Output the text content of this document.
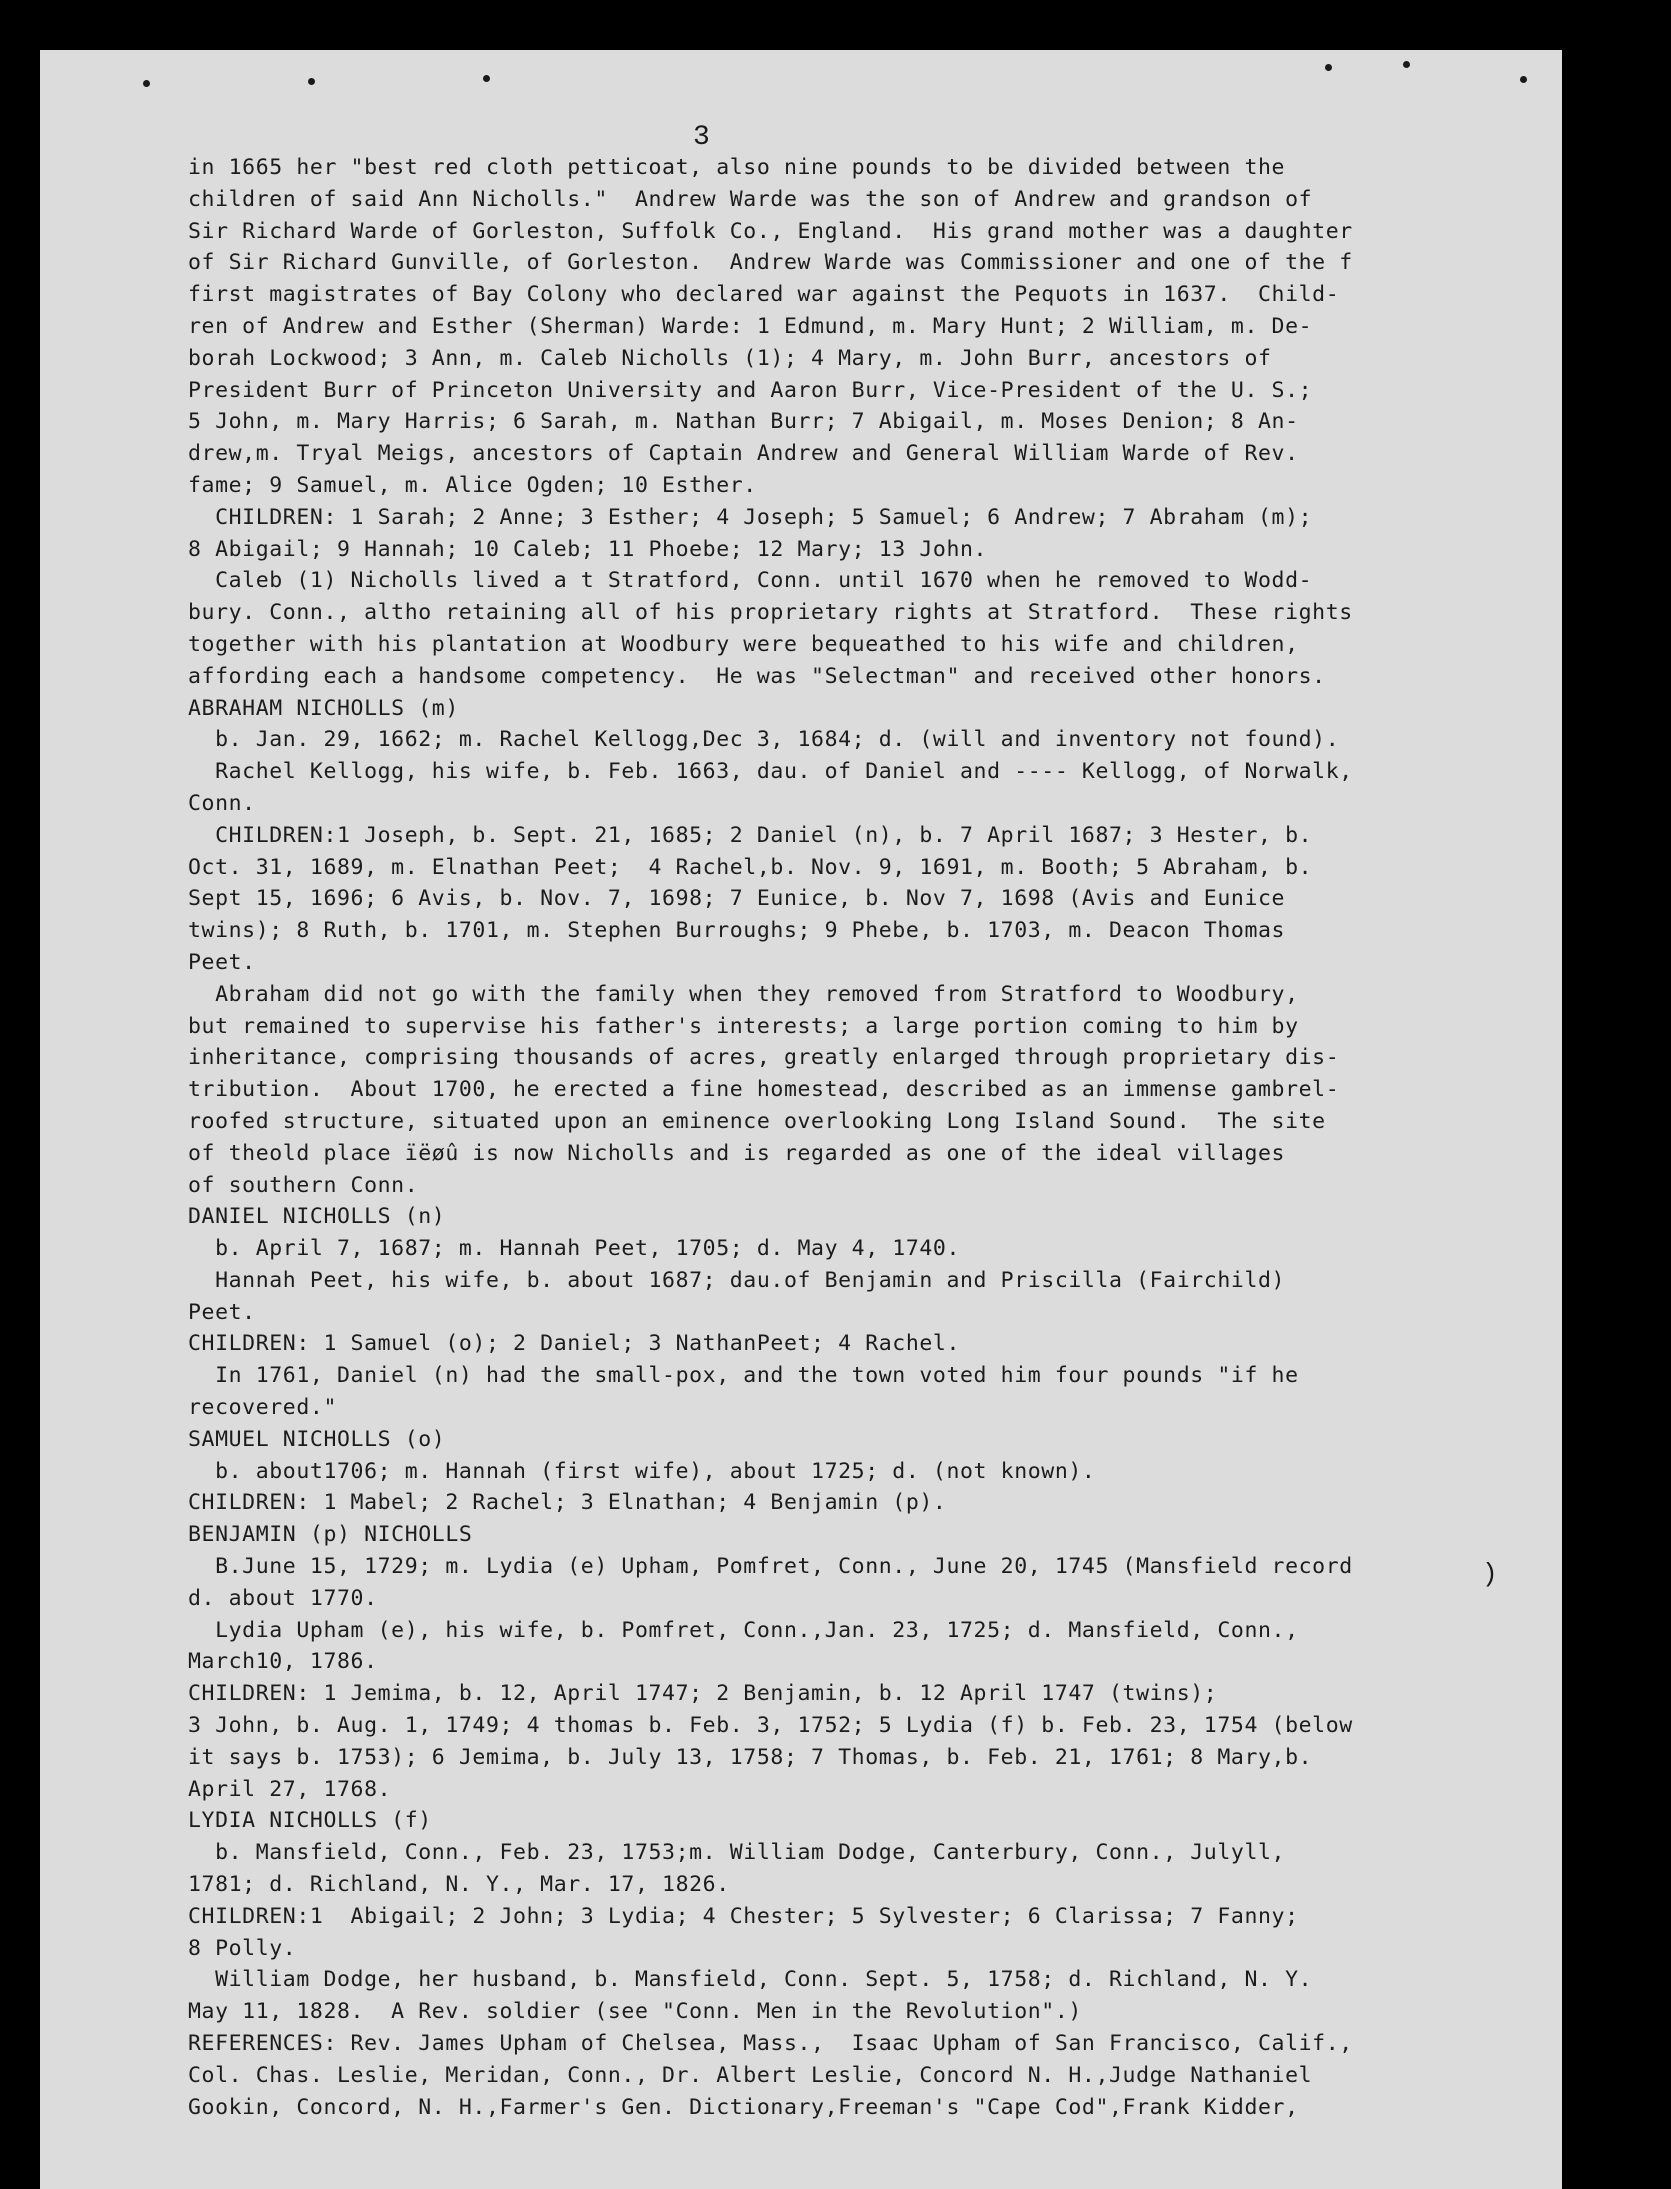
3
in 1665 her "best red cloth petticoat, also nine pounds to be divided between the
children of said Ann Nicholls."  Andrew Warde was the son of Andrew and grandson of
Sir Richard Warde of Gorleston, Suffolk Co., England.  His grand mother was a daughter
of Sir Richard Gunville, of Gorleston.  Andrew Warde was Commissioner and one of the f
first magistrates of Bay Colony who declared war against the Pequots in 1637.  Child-
ren of Andrew and Esther (Sherman) Warde: 1 Edmund, m. Mary Hunt; 2 William, m. De-
borah Lockwood; 3 Ann, m. Caleb Nicholls (1); 4 Mary, m. John Burr, ancestors of
President Burr of Princeton University and Aaron Burr, Vice-President of the U. S.;
5 John, m. Mary Harris; 6 Sarah, m. Nathan Burr; 7 Abigail, m. Moses Denion; 8 An-
drew,m. Tryal Meigs, ancestors of Captain Andrew and General William Warde of Rev.
fame; 9 Samuel, m. Alice Ogden; 10 Esther.
CHILDREN: 1 Sarah; 2 Anne; 3 Esther; 4 Joseph; 5 Samuel; 6 Andrew; 7 Abraham (m);
8 Abigail; 9 Hannah; 10 Caleb; 11 Phoebe; 12 Mary; 13 John.
Caleb (1) Nicholls lived a t Stratford, Conn. until 1670 when he removed to Wodd-
bury. Conn., altho retaining all of his proprietary rights at Stratford.  These rights
together with his plantation at Woodbury were bequeathed to his wife and children,
affording each a handsome competency.  He was "Selectman" and received other honors.
ABRAHAM NICHOLLS (m)
b. Jan. 29, 1662; m. Rachel Kellogg,Dec 3, 1684; d. (will and inventory not found).
Rachel Kellogg, his wife, b. Feb. 1663, dau. of Daniel and ---- Kellogg, of Norwalk,
Conn.
CHILDREN:1 Joseph, b. Sept. 21, 1685; 2 Daniel (n), b. 7 April 1687; 3 Hester, b.
Oct. 31, 1689, m. Elnathan Peet;  4 Rachel,b. Nov. 9, 1691, m. Booth; 5 Abraham, b.
Sept 15, 1696; 6 Avis, b. Nov. 7, 1698; 7 Eunice, b. Nov 7, 1698 (Avis and Eunice
twins); 8 Ruth, b. 1701, m. Stephen Burroughs; 9 Phebe, b. 1703, m. Deacon Thomas
Peet.
Abraham did not go with the family when they removed from Stratford to Woodbury,
but remained to supervise his father's interests; a large portion coming to him by
inheritance, comprising thousands of acres, greatly enlarged through proprietary dis-
tribution.  About 1700, he erected a fine homestead, described as an immense gambrel-
roofed structure, situated upon an eminence overlooking Long Island Sound.  The site
of theold place ïëøû is now Nicholls and is regarded as one of the ideal villages
of southern Conn.
DANIEL NICHOLLS (n)
b. April 7, 1687; m. Hannah Peet, 1705; d. May 4, 1740.
Hannah Peet, his wife, b. about 1687; dau.of Benjamin and Priscilla (Fairchild)
Peet.
CHILDREN: 1 Samuel (o); 2 Daniel; 3 NathanPeet; 4 Rachel.
In 1761, Daniel (n) had the small-pox, and the town voted him four pounds "if he
recovered."
SAMUEL NICHOLLS (o)
b. about1706; m. Hannah (first wife), about 1725; d. (not known).
CHILDREN: 1 Mabel; 2 Rachel; 3 Elnathan; 4 Benjamin (p).
BENJAMIN (p) NICHOLLS
B.June 15, 1729; m. Lydia (e) Upham, Pomfret, Conn., June 20, 1745 (Mansfield record
d. about 1770.
Lydia Upham (e), his wife, b. Pomfret, Conn.,Jan. 23, 1725; d. Mansfield, Conn.,
March10, 1786.
CHILDREN: 1 Jemima, b. 12, April 1747; 2 Benjamin, b. 12 April 1747 (twins);
3 John, b. Aug. 1, 1749; 4 thomas b. Feb. 3, 1752; 5 Lydia (f) b. Feb. 23, 1754 (below
it says b. 1753); 6 Jemima, b. July 13, 1758; 7 Thomas, b. Feb. 21, 1761; 8 Mary,b.
April 27, 1768.
LYDIA NICHOLLS (f)
b. Mansfield, Conn., Feb. 23, 1753;m. William Dodge, Canterbury, Conn., Julyll,
1781; d. Richland, N. Y., Mar. 17, 1826.
CHILDREN:1  Abigail; 2 John; 3 Lydia; 4 Chester; 5 Sylvester; 6 Clarissa; 7 Fanny;
8 Polly.
William Dodge, her husband, b. Mansfield, Conn. Sept. 5, 1758; d. Richland, N. Y.
May 11, 1828.  A Rev. soldier (see "Conn. Men in the Revolution".)
REFERENCES: Rev. James Upham of Chelsea, Mass.,  Isaac Upham of San Francisco, Calif.,
Col. Chas. Leslie, Meridan, Conn., Dr. Albert Leslie, Concord N. H.,Judge Nathaniel
Gookin, Concord, N. H.,Farmer's Gen. Dictionary,Freeman's "Cape Cod",Frank Kidder,
)
